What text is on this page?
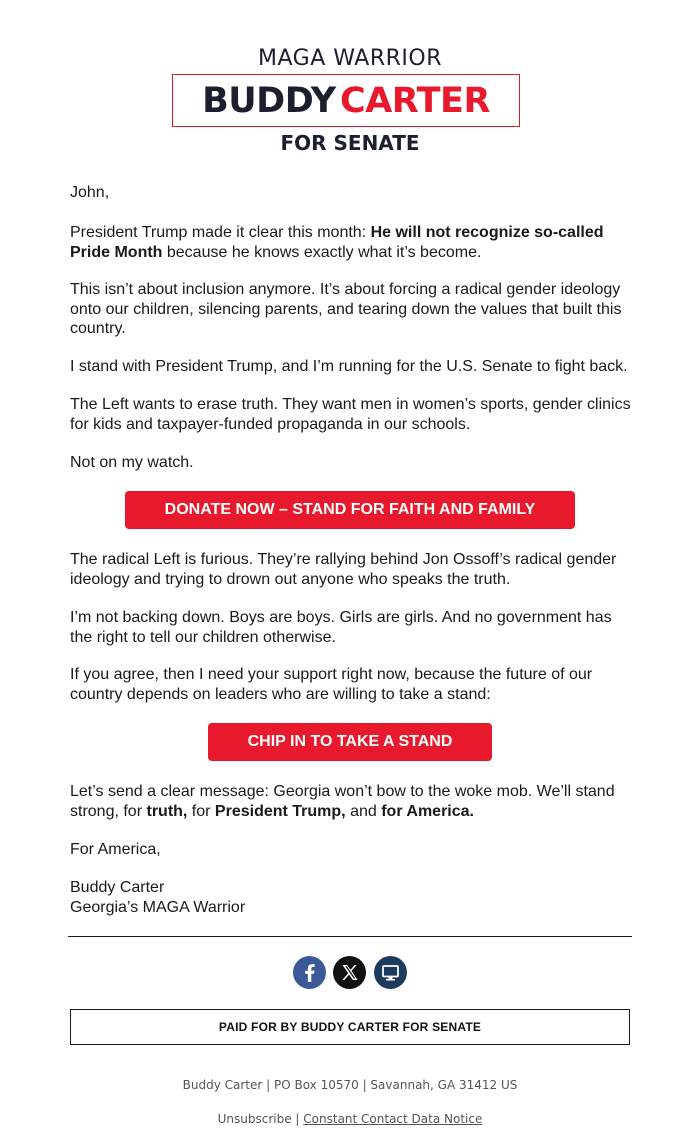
MAGA WARRIOR
BUDDY CARTER
FOR SENATE

John,

President Trump made it clear this month: He will not recognize so-called Pride Month because he knows exactly what it’s become.

This isn’t about inclusion anymore. It’s about forcing a radical gender ideology onto our children, silencing parents, and tearing down the values that built this country.

I stand with President Trump, and I’m running for the U.S. Senate to fight back.

The Left wants to erase truth. They want men in women’s sports, gender clinics for kids and taxpayer-funded propaganda in our schools.

Not on my watch.

DONATE NOW – STAND FOR FAITH AND FAMILY

The radical Left is furious. They’re rallying behind Jon Ossoff’s radical gender ideology and trying to drown out anyone who speaks the truth.

I’m not backing down. Boys are boys. Girls are girls. And no government has the right to tell our children otherwise.

If you agree, then I need your support right now, because the future of our country depends on leaders who are willing to take a stand:

CHIP IN TO TAKE A STAND

Let’s send a clear message: Georgia won’t bow to the woke mob. We’ll stand strong, for truth, for President Trump, and for America.

For America,

Buddy Carter

Georgia’s MAGA Warrior

PAID FOR BY BUDDY CARTER FOR SENATE
Buddy Carter | PO Box 10570 | Savannah, GA 31412 US
Unsubscribe | Constant Contact Data Notice
